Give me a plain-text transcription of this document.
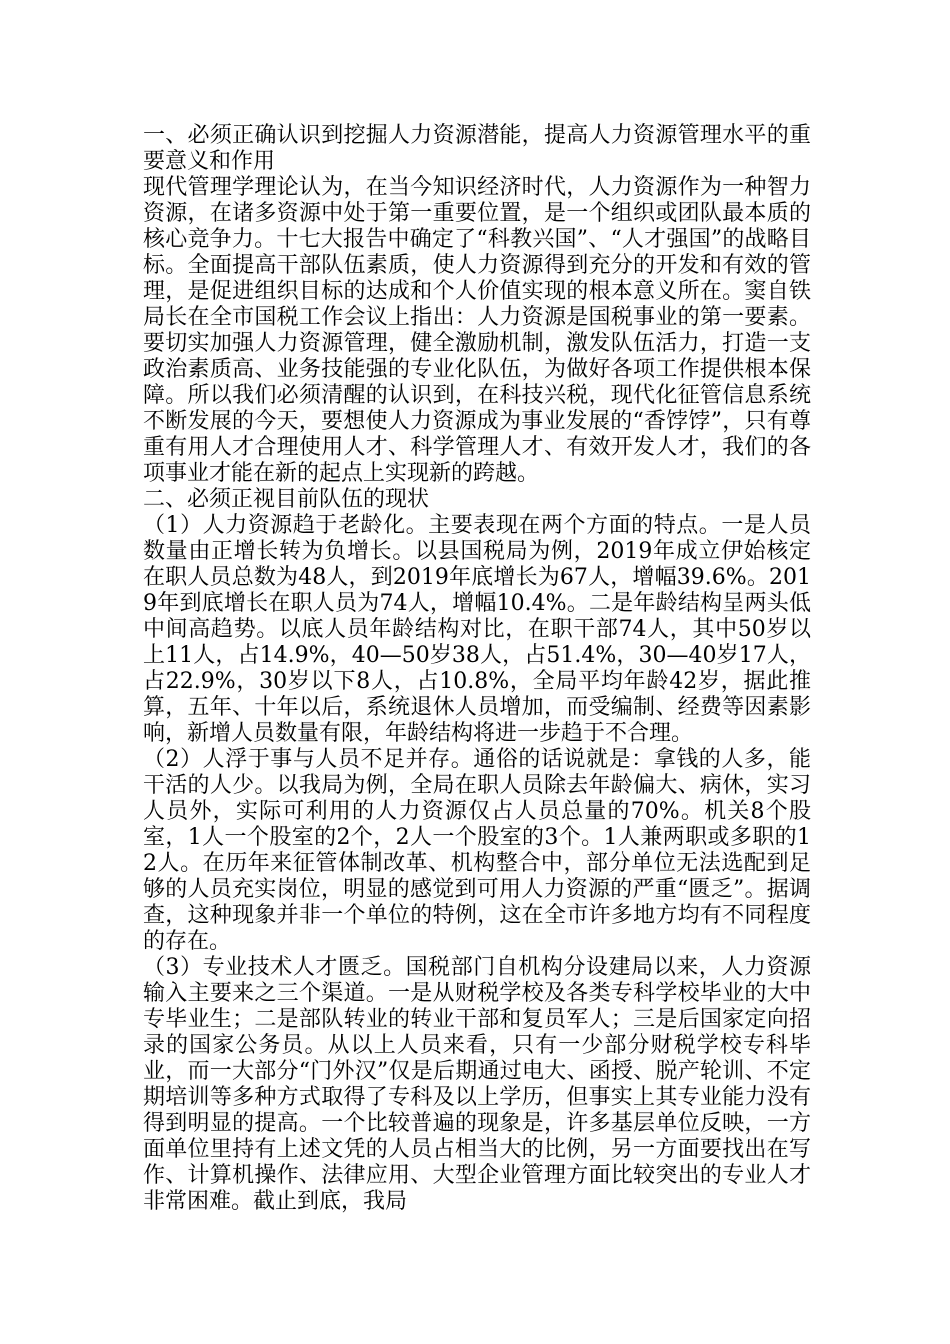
一、必须正确认识到挖掘人力资源潜能，提高人力资源管理水平的重要意义和作用

现代管理学理论认为，在当今知识经济时代，人力资源作为一种智力资源，在诸多资源中处于第一重要位置，是一个组织或团队最本质的核心竞争力。十七大报告中确定了“科教兴国”、“人才强国”的战略目标。全面提高干部队伍素质，使人力资源得到充分的开发和有效的管理，是促进组织目标的达成和个人价值实现的根本意义所在。窦自铁局长在全市国税工作会议上指出：人力资源是国税事业的第一要素。要切实加强人力资源管理，健全激励机制，激发队伍活力，打造一支政治素质高、业务技能强的专业化队伍，为做好各项工作提供根本保障。所以我们必须清醒的认识到，在科技兴税，现代化征管信息系统不断发展的今天，要想使人力资源成为事业发展的“香饽饽”，只有尊重有用人才合理使用人才、科学管理人才、有效开发人才，我们的各项事业才能在新的起点上实现新的跨越。

二、必须正视目前队伍的现状

（1）人力资源趋于老龄化。主要表现在两个方面的特点。一是人员数量由正增长转为负增长。以县国税局为例，2019年成立伊始核定在职人员总数为48人，到2019年底增长为67人，增幅39.6%。2019年到底增长在职人员为74人，增幅10.4%。二是年龄结构呈两头低中间高趋势。以底人员年龄结构对比，在职干部74人，其中50岁以上11人，占14.9%，40—50岁38人，占51.4%，30—40岁17人，占22.9%，30岁以下8人，占10.8%，全局平均年龄42岁，据此推算，五年、十年以后，系统退休人员增加，而受编制、经费等因素影响，新增人员数量有限，年龄结构将进一步趋于不合理。

（2）人浮于事与人员不足并存。通俗的话说就是：拿钱的人多，能干活的人少。以我局为例，全局在职人员除去年龄偏大、病休，实习人员外，实际可利用的人力资源仅占人员总量的70%。机关8个股室，1人一个股室的2个，2人一个股室的3个。1人兼两职或多职的12人。在历年来征管体制改革、机构整合中，部分单位无法选配到足够的人员充实岗位，明显的感觉到可用人力资源的严重“匮乏”。据调查，这种现象并非一个单位的特例，这在全市许多地方均有不同程度的存在。

（3）专业技术人才匮乏。国税部门自机构分设建局以来，人力资源输入主要来之三个渠道。一是从财税学校及各类专科学校毕业的大中专毕业生；二是部队转业的转业干部和复员军人；三是后国家定向招录的国家公务员。从以上人员来看，只有一少部分财税学校专科毕业，而一大部分“门外汉”仅是后期通过电大、函授、脱产轮训、不定期培训等多种方式取得了专科及以上学历，但事实上其专业能力没有得到明显的提高。一个比较普遍的现象是，许多基层单位反映，一方面单位里持有上述文凭的人员占相当大的比例，另一方面要找出在写作、计算机操作、法律应用、大型企业管理方面比较突出的专业人才非常困难。截止到底，我局
